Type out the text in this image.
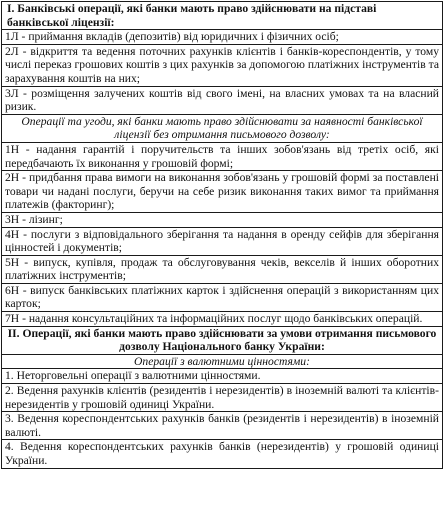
І. Банківські операції, які банки мають право здійснювати на підставі банківської ліцензії:
1Л - приймання вкладів (депозитів) від юридичних і фізичних осіб;
2Л - відкриття та ведення поточних рахунків клієнтів і банків-кореспондентів, у тому числі переказ грошових коштів з цих рахунків за допомогою платіжних інструментів та зарахування коштів на них;
3Л - розміщення залучених коштів від свого імені, на власних умовах та на власний ризик.
Операції та угоди, які банки мають право здійснювати за наявності банківської ліцензії без отримання письмового дозволу:
1Н - надання гарантій і поручительств та інших зобов'язань від третіх осіб, які передбачають їх виконання у грошовій формі;
2Н - придбання права вимоги на виконання зобов'язань у грошовій формі за поставлені товари чи надані послуги, беручи на себе ризик виконання таких вимог та приймання платежів (факторинг);
3Н - лізинг;
4Н - послуги з відповідального зберігання та надання в оренду сейфів для зберігання цінностей і документів;
5Н - випуск, купівля, продаж та обслуговування чеків, векселів й інших оборотних платіжних інструментів;
6Н - випуск банківських платіжних карток і здійснення операцій з використанням цих карток;
7Н - надання консультаційних та інформаційних послуг щодо банківських операцій.
ІІ. Операції, які банки мають право здійснювати за умови отримання письмового дозволу Національного банку України:
Операції з валютними цінностями:
1. Неторговельні операції з валютними цінностями.
2. Ведення рахунків клієнтів (резидентів і нерезидентів) в іноземній валюті та клієнтів-нерезидентів у грошовій одиниці України.
3. Ведення кореспондентських рахунків банків (резидентів і нерезидентів) в іноземній валюті.
4. Ведення кореспондентських рахунків банків (нерезидентів) у грошовій одиниці України.
